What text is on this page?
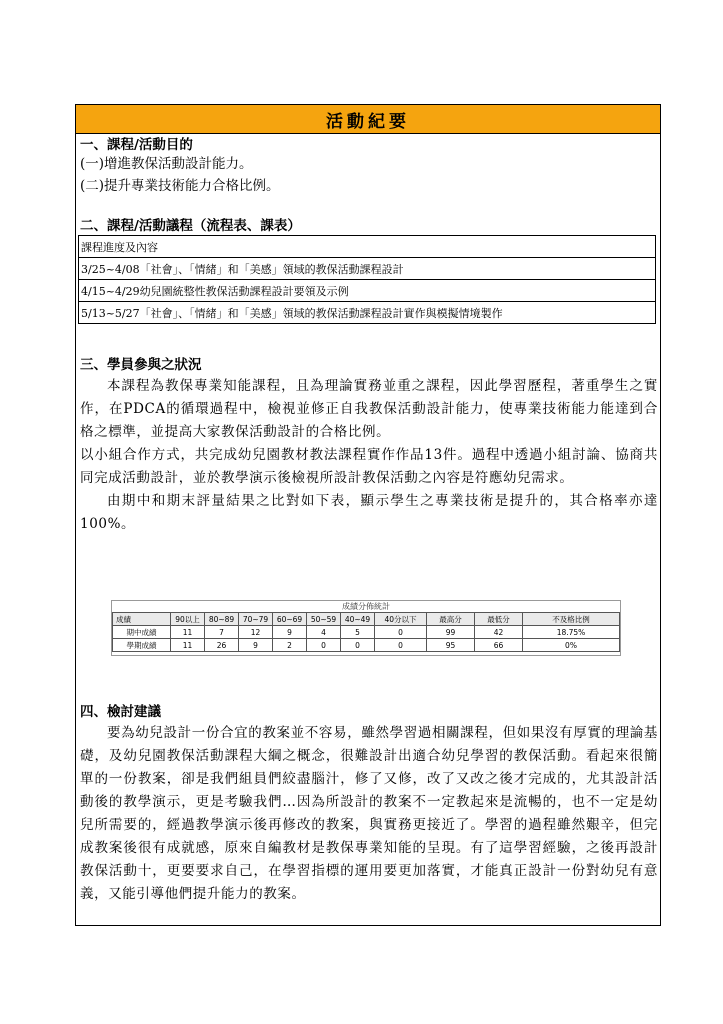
活動紀要
一、課程/活動目的
(一)增進教保活動設計能力。
(二)提升專業技術能力合格比例。
二、課程/活動議程（流程表、課表）
課程進度及內容
3/25~4/08「社會」、「情緒」和「美感」領域的教保活動課程設計
4/15~4/29幼兒園統整性教保活動課程設計要領及示例
5/13~5/27「社會」、「情緒」和「美感」領域的教保活動課程設計實作與模擬情境製作
三、學員參與之狀況

本課程為教保專業知能課程，且為理論實務並重之課程，因此學習歷程，著重學生之實作，在PDCA的循環過程中，檢視並修正自我教保活動設計能力，使專業技術能力能達到合格之標準，並提高大家教保活動設計的合格比例。

以小組合作方式，共完成幼兒園教材教法課程實作作品13件。過程中透過小組討論、協商共同完成活動設計，並於教學演示後檢視所設計教保活動之內容是符應幼兒需求。

由期中和期末評量結果之比對如下表，顯示學生之專業技術是提升的，其合格率亦達100%。

成績分佈統計										
成績	90以上	80~89	70~79	60~69	50~59	40~49	40分以下	最高分	最低分	不及格比例
期中成績	11	7	12	9	4	5	0	99	42	18.75%
學期成績	11	26	9	2	0	0	0	95	66	0%
四、檢討建議

要為幼兒設計一份合宜的教案並不容易，雖然學習過相關課程，但如果沒有厚實的理論基礎，及幼兒園教保活動課程大綱之概念，很難設計出適合幼兒學習的教保活動。看起來很簡單的一份教案，卻是我們組員們絞盡腦汁，修了又修，改了又改之後才完成的，尤其設計活動後的教學演示，更是考驗我們…因為所設計的教案不一定教起來是流暢的，也不一定是幼兒所需要的，經過教學演示後再修改的教案，與實務更接近了。學習的過程雖然艱辛，但完成教案後很有成就感，原來自編教材是教保專業知能的呈現。有了這學習經驗，之後再設計教保活動十，更要要求自己，在學習指標的運用要更加落實，才能真正設計一份對幼兒有意義，又能引導他們提升能力的教案。
